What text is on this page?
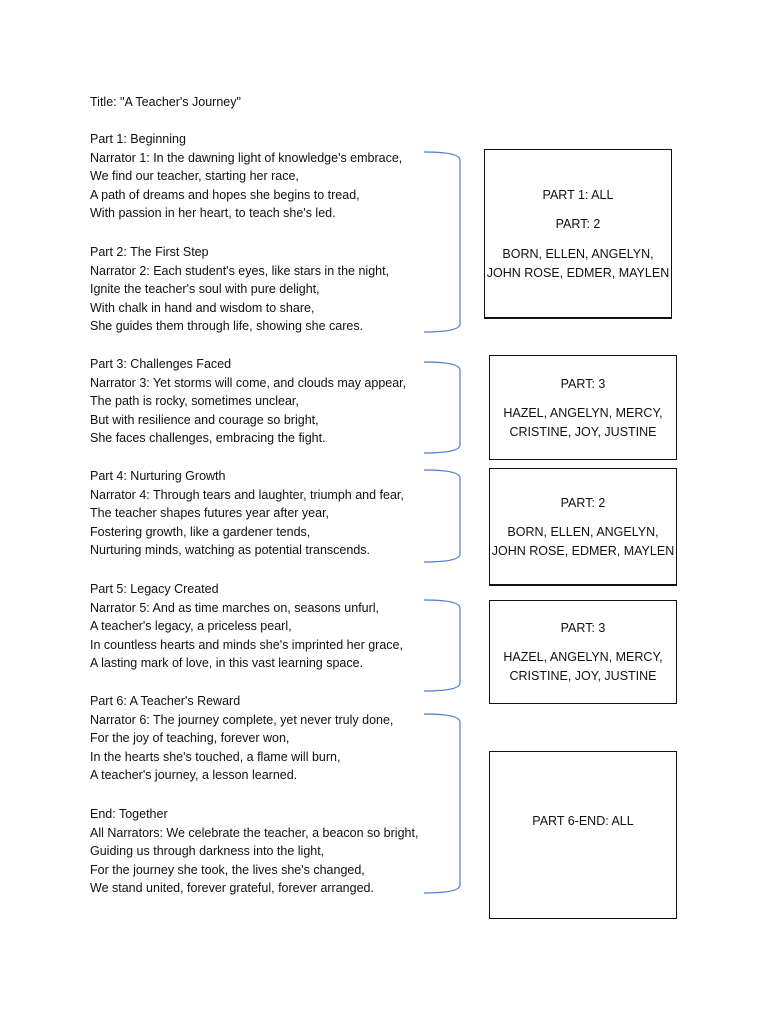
Title: "A Teacher's Journey"
Part 1: Beginning
Narrator 1: In the dawning light of knowledge's embrace,
We find our teacher, starting her race,
A path of dreams and hopes she begins to tread,
With passion in her heart, to teach she's led.
Part 2: The First Step
Narrator 2: Each student's eyes, like stars in the night,
Ignite the teacher's soul with pure delight,
With chalk in hand and wisdom to share,
She guides them through life, showing she cares.
Part 3: Challenges Faced
Narrator 3: Yet storms will come, and clouds may appear,
The path is rocky, sometimes unclear,
But with resilience and courage so bright,
She faces challenges, embracing the fight.
Part 4: Nurturing Growth
Narrator 4: Through tears and laughter, triumph and fear,
The teacher shapes futures year after year,
Fostering growth, like a gardener tends,
Nurturing minds, watching as potential transcends.
Part 5: Legacy Created
Narrator 5: And as time marches on, seasons unfurl,
A teacher's legacy, a priceless pearl,
In countless hearts and minds she's imprinted her grace,
A lasting mark of love, in this vast learning space.
Part 6: A Teacher's Reward
Narrator 6: The journey complete, yet never truly done,
For the joy of teaching, forever won,
In the hearts she's touched, a flame will burn,
A teacher's journey, a lesson learned.
End: Together
All Narrators: We celebrate the teacher, a beacon so bright,
Guiding us through darkness into the light,
For the journey she took, the lives she's changed,
We stand united, forever grateful, forever arranged.
PART 1: ALL
PART: 2
BORN, ELLEN, ANGELYN,
JOHN ROSE, EDMER, MAYLEN
PART: 3
HAZEL, ANGELYN, MERCY,
CRISTINE, JOY, JUSTINE
PART: 2
BORN, ELLEN, ANGELYN,
JOHN ROSE, EDMER, MAYLEN
PART: 3
HAZEL, ANGELYN, MERCY,
CRISTINE, JOY, JUSTINE
PART 6-END: ALL
